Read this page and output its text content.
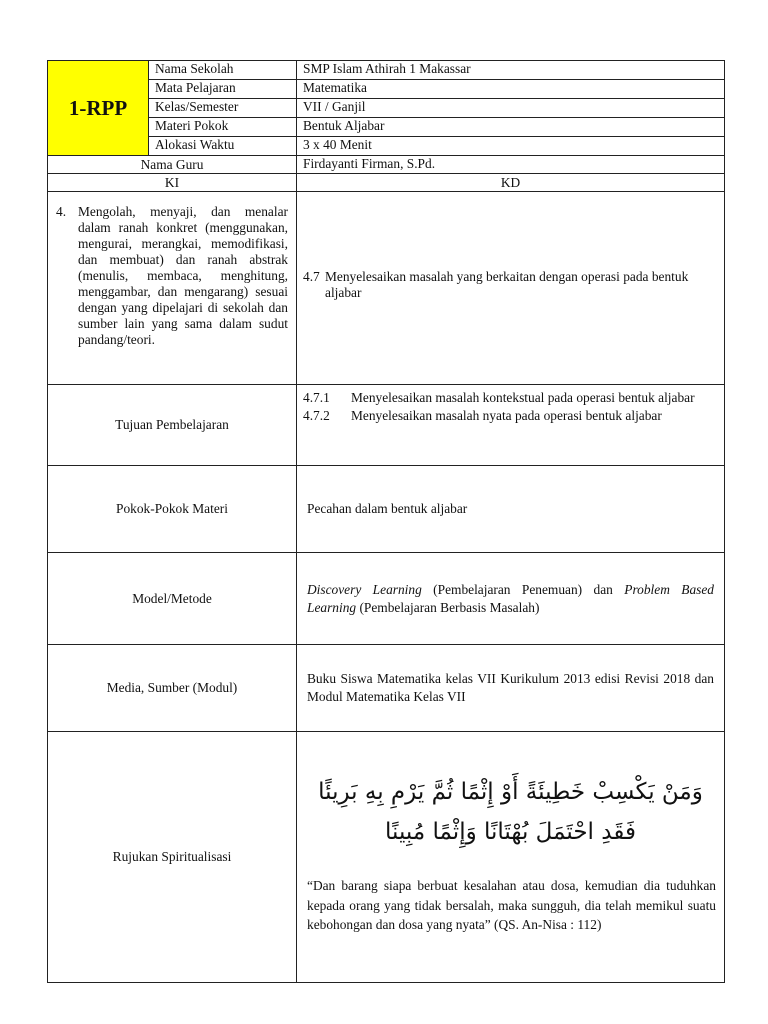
1-RPP	Nama Sekolah	SMP Islam Athirah 1 Makassar
	Mata Pelajaran	Matematika
	Kelas/Semester	VII / Ganjil
	Materi Pokok	Bentuk Aljabar
	Alokasi Waktu	3 x 40 Menit
Nama Guru		Firdayanti Firman, S.Pd.
KI		KD

4. Mengolah, menyaji, dan menalar dalam ranah konkret (menggunakan, mengurai, merangkai, memodifikasi, dan membuat) dan ranah abstrak (menulis, membaca, menghitung, menggambar, dan mengarang) sesuai dengan yang dipelajari di sekolah dan sumber lain yang sama dalam sudut pandang/teori.		4.7 Menyelesaikan masalah yang berkaitan dengan operasi pada bentuk aljabar

Tujuan Pembelajaran		4.7.1 Menyelesaikan masalah kontekstual pada operasi bentuk aljabar
4.7.2 Menyelesaikan masalah nyata pada operasi bentuk aljabar

Pokok-Pokok Materi		Pecahan dalam bentuk aljabar

Model/Metode		Discovery Learning (Pembelajaran Penemuan) dan Problem Based Learning (Pembelajaran Berbasis Masalah)

Media, Sumber (Modul)		Buku Siswa Matematika kelas VII Kurikulum 2013 edisi Revisi 2018 dan Modul Matematika Kelas VII

Rujukan Spiritualisasi		وَمَنْ يَكْسِبْ خَطِيئَةً أَوْ إِثْمًا ثُمَّ يَرْمِ بِهِ بَرِيئًا فَقَدِ احْتَمَلَ بُهْتَانًا وَإِثْمًا مُبِينًا
“Dan barang siapa berbuat kesalahan atau dosa, kemudian dia tuduhkan kepada orang yang tidak bersalah, maka sungguh, dia telah memikul suatu kebohongan dan dosa yang nyata” (QS. An-Nisa : 112)
